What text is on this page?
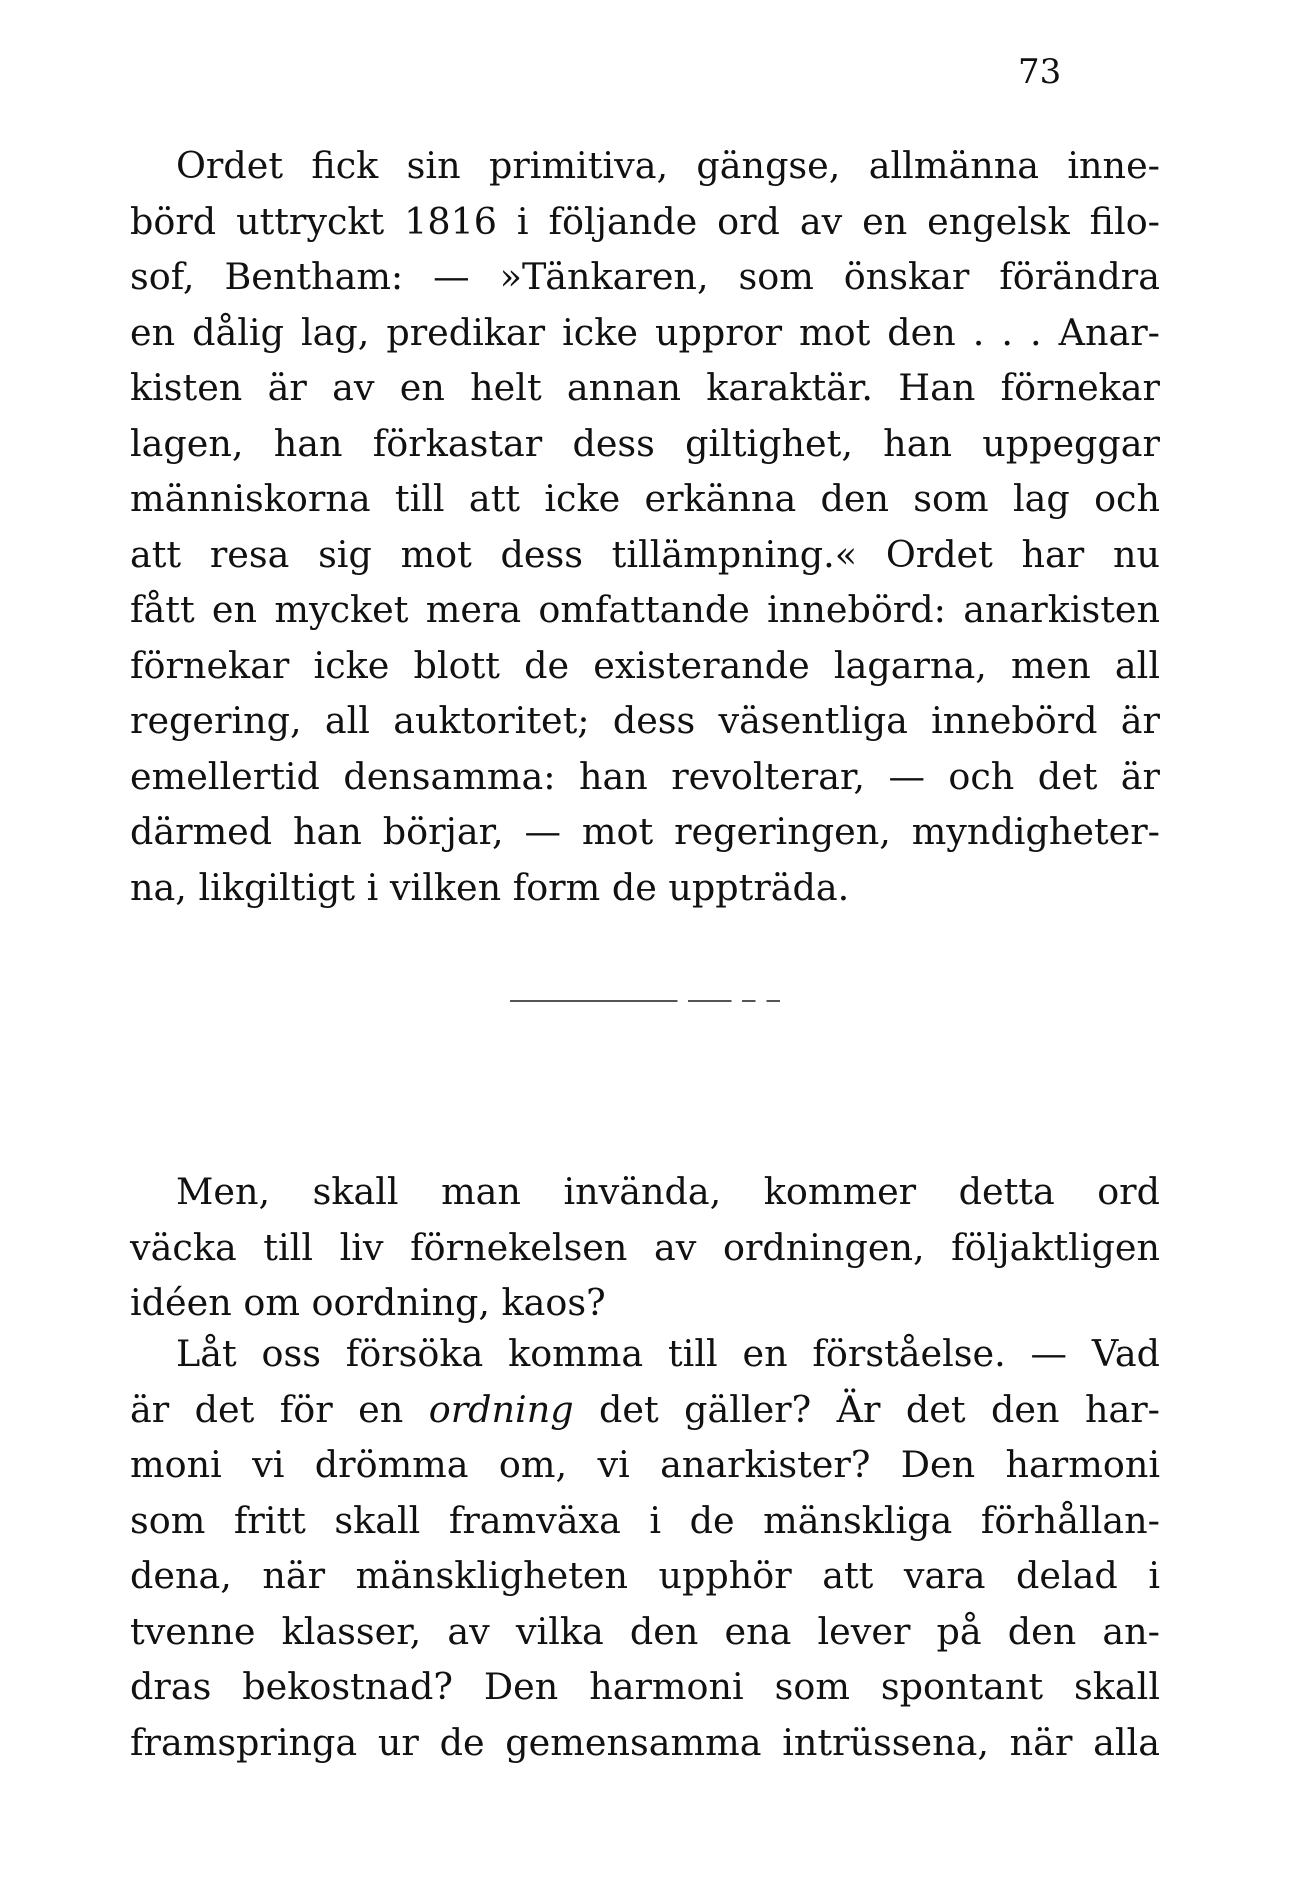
73
Ordet fick sin primitiva, gängse, allmänna inne-
börd uttryckt 1816 i följande ord av en engelsk filo-
sof, Bentham: — »Tänkaren, som önskar förändra
en dålig lag, predikar icke uppror mot den . . . Anar-
kisten är av en helt annan karaktär. Han förnekar
lagen, han förkastar dess giltighet, han uppeggar
människorna till att icke erkänna den som lag och
att resa sig mot dess tillämpning.« Ordet har nu
fått en mycket mera omfattande innebörd: anarkisten
förnekar icke blott de existerande lagarna, men all
regering, all auktoritet; dess väsentliga innebörd är
emellertid densamma: han revolterar, — och det är
därmed han börjar, — mot regeringen, myndigheter-
na, likgiltigt i vilken form de uppträda.
Men, skall man invända, kommer detta ord
väcka till liv förnekelsen av ordningen, följaktligen
idéen om oordning, kaos?
Låt oss försöka komma till en förståelse. — Vad
är det för en ordning det gäller? Är det den har-
moni vi drömma om, vi anarkister? Den harmoni
som fritt skall framväxa i de mänskliga förhållan-
dena, när mänskligheten upphör att vara delad i
tvenne klasser, av vilka den ena lever på den an-
dras bekostnad? Den harmoni som spontant skall
framspringa ur de gemensamma intrüssena, när alla
